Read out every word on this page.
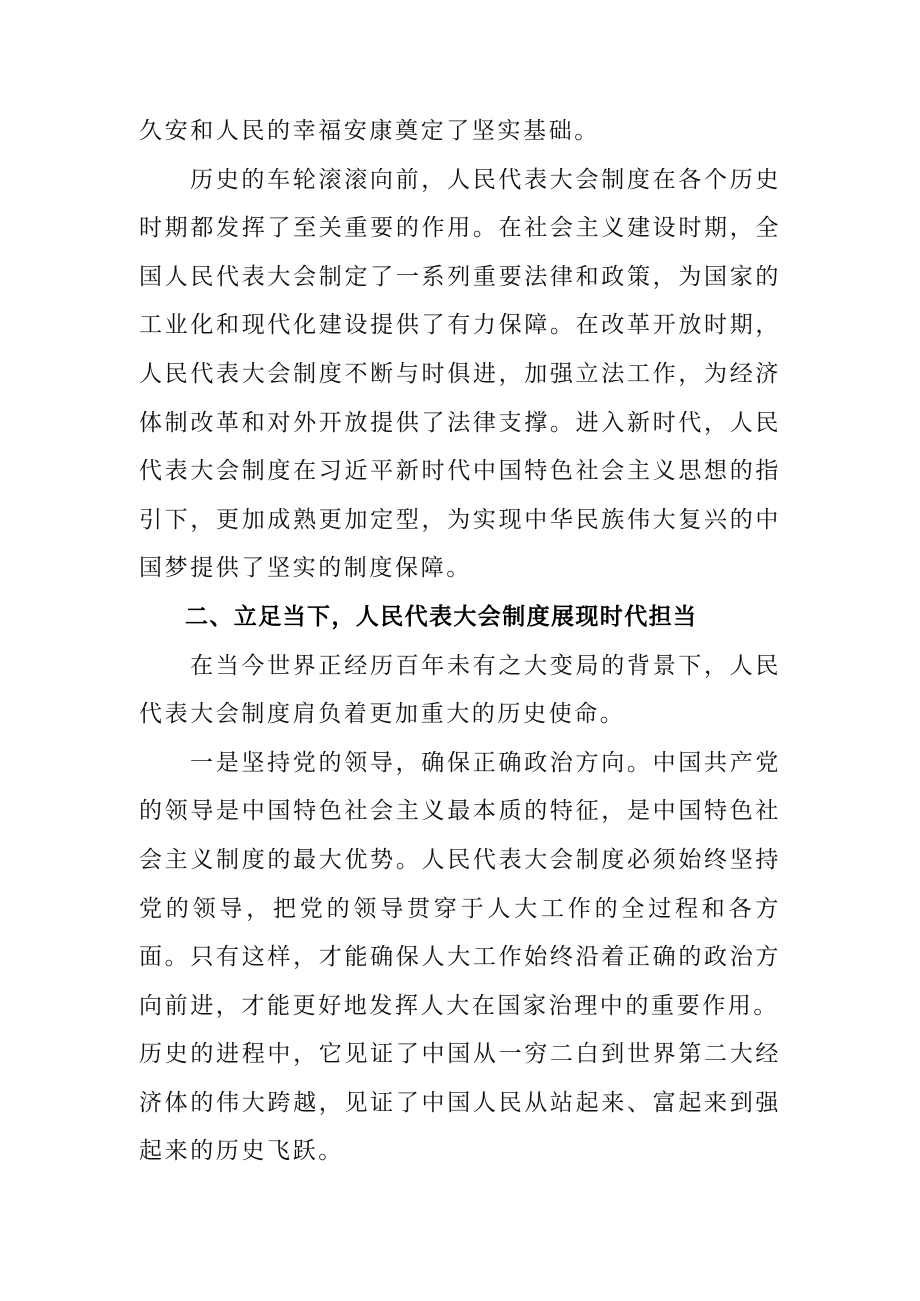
久安和人民的幸福安康奠定了坚实基础。

历史的车轮滚滚向前，人民代表大会制度在各个历史时期都发挥了至关重要的作用。在社会主义建设时期，全国人民代表大会制定了一系列重要法律和政策，为国家的工业化和现代化建设提供了有力保障。在改革开放时期，人民代表大会制度不断与时俱进，加强立法工作，为经济体制改革和对外开放提供了法律支撑。进入新时代，人民代表大会制度在习近平新时代中国特色社会主义思想的指引下，更加成熟更加定型，为实现中华民族伟大复兴的中国梦提供了坚实的制度保障。

二、立足当下，人民代表大会制度展现时代担当

在当今世界正经历百年未有之大变局的背景下，人民代表大会制度肩负着更加重大的历史使命。

一是坚持党的领导，确保正确政治方向。中国共产党的领导是中国特色社会主义最本质的特征，是中国特色社会主义制度的最大优势。人民代表大会制度必须始终坚持党的领导，把党的领导贯穿于人大工作的全过程和各方面。只有这样，才能确保人大工作始终沿着正确的政治方向前进，才能更好地发挥人大在国家治理中的重要作用。

历史的进程中，它见证了中国从一穷二白到世界第二大经济体的伟大跨越，见证了中国人民从站起来、富起来到强起来的历史飞跃。
